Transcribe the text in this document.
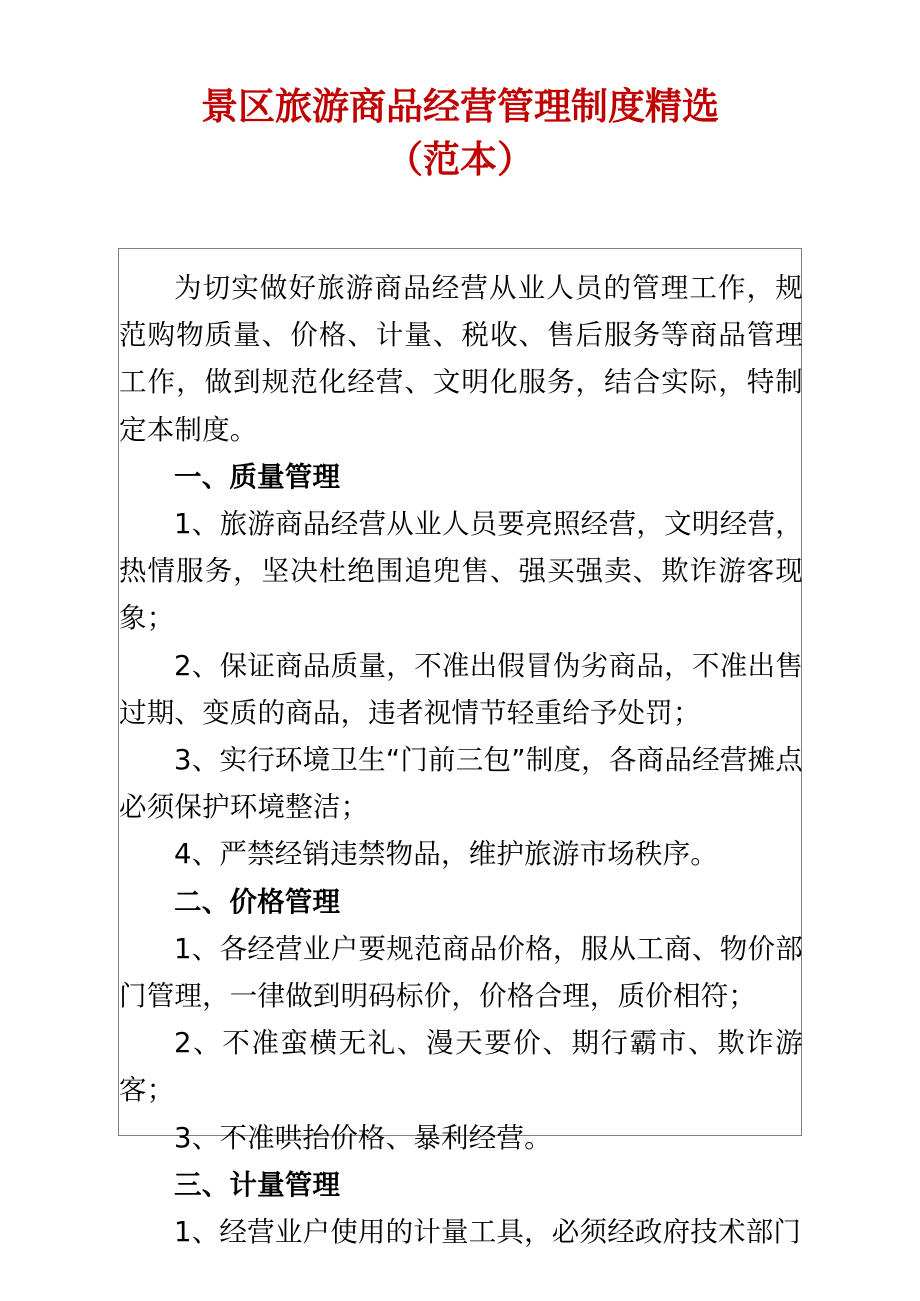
景区旅游商品经营管理制度精选
（范本）

为切实做好旅游商品经营从业人员的管理工作，规范购物质量、价格、计量、税收、售后服务等商品管理工作，做到规范化经营、文明化服务，结合实际，特制定本制度。

一、质量管理

1、旅游商品经营从业人员要亮照经营，文明经营，热情服务，坚决杜绝围追兜售、强买强卖、欺诈游客现象；

2、保证商品质量，不准出假冒伪劣商品，不准出售过期、变质的商品，违者视情节轻重给予处罚；

3、实行环境卫生“门前三包”制度，各商品经营摊点必须保护环境整洁；

4、严禁经销违禁物品，维护旅游市场秩序。

二、价格管理

1、各经营业户要规范商品价格，服从工商、物价部门管理，一律做到明码标价，价格合理，质价相符；

2、不准蛮横无礼、漫天要价、期行霸市、欺诈游客；

3、不准哄抬价格、暴利经营。

三、计量管理

1、经营业户使用的计量工具，必须经政府技术部门
